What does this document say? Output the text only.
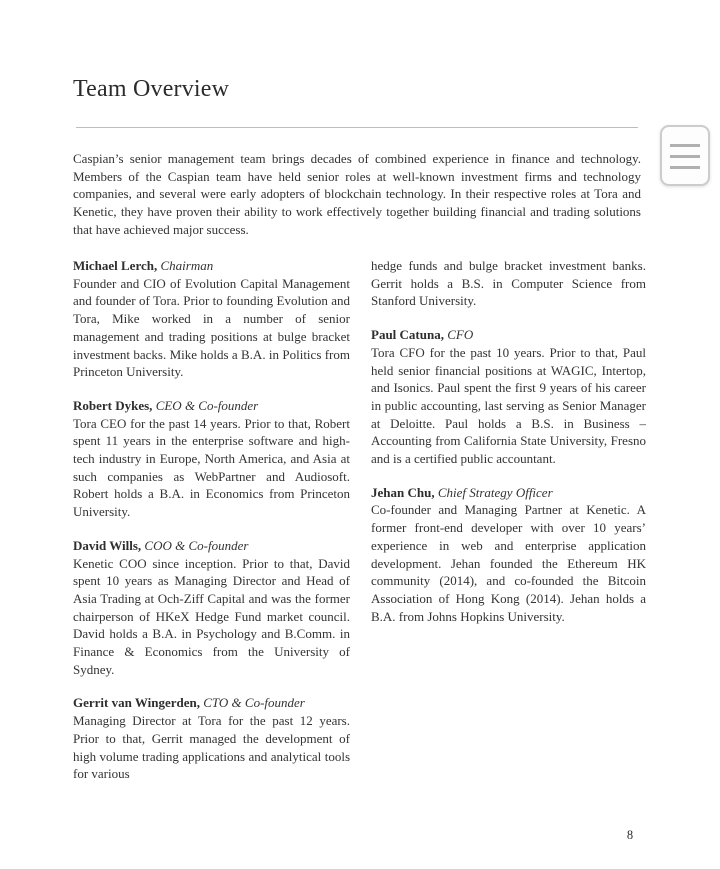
Team Overview

Caspian’s senior management team brings decades of combined experience in finance and technology. Members of the Caspian team have held senior roles at well-known investment firms and technology companies, and several were early adopters of blockchain technology. In their respective roles at Tora and Kenetic, they have proven their ability to work effectively together building financial and trading solutions that have achieved major success.

Michael Lerch, Chairman

Founder and CIO of Evolution Capital Management and founder of Tora. Prior to founding Evolution and Tora, Mike worked in a number of senior management and trading positions at bulge bracket investment backs. Mike holds a B.A. in Politics from Princeton University.

Robert Dykes, CEO & Co-founder

Tora CEO for the past 14 years. Prior to that, Robert spent 11 years in the enterprise software and high-tech industry in Europe, North America, and Asia at such companies as WebPartner and Audiosoft. Robert holds a B.A. in Economics from Princeton University.

David Wills, COO & Co-founder

Kenetic COO since inception. Prior to that, David spent 10 years as Managing Director and Head of Asia Trading at Och-Ziff Capital and was the former chairperson of HKeX Hedge Fund market council. David holds a B.A. in Psychology and B.Comm. in Finance & Economics from the University of Sydney.

Gerrit van Wingerden, CTO & Co-founder

Managing Director at Tora for the past 12 years. Prior to that, Gerrit managed the development of high volume trading applications and analytical tools for various

hedge funds and bulge bracket investment banks. Gerrit holds a B.S. in Computer Science from Stanford University.

Paul Catuna, CFO

Tora CFO for the past 10 years. Prior to that, Paul held senior financial positions at WAGIC, Intertop, and Isonics. Paul spent the first 9 years of his career in public accounting, last serving as Senior Manager at Deloitte. Paul holds a B.S. in Business – Accounting from California State University, Fresno and is a certified public accountant.

Jehan Chu, Chief Strategy Officer

Co-founder and Managing Partner at Kenetic. A former front-end developer with over 10 years’ experience in web and enterprise application development. Jehan founded the Ethereum HK community (2014), and co-founded the Bitcoin Association of Hong Kong (2014). Jehan holds a B.A. from Johns Hopkins University.

8
